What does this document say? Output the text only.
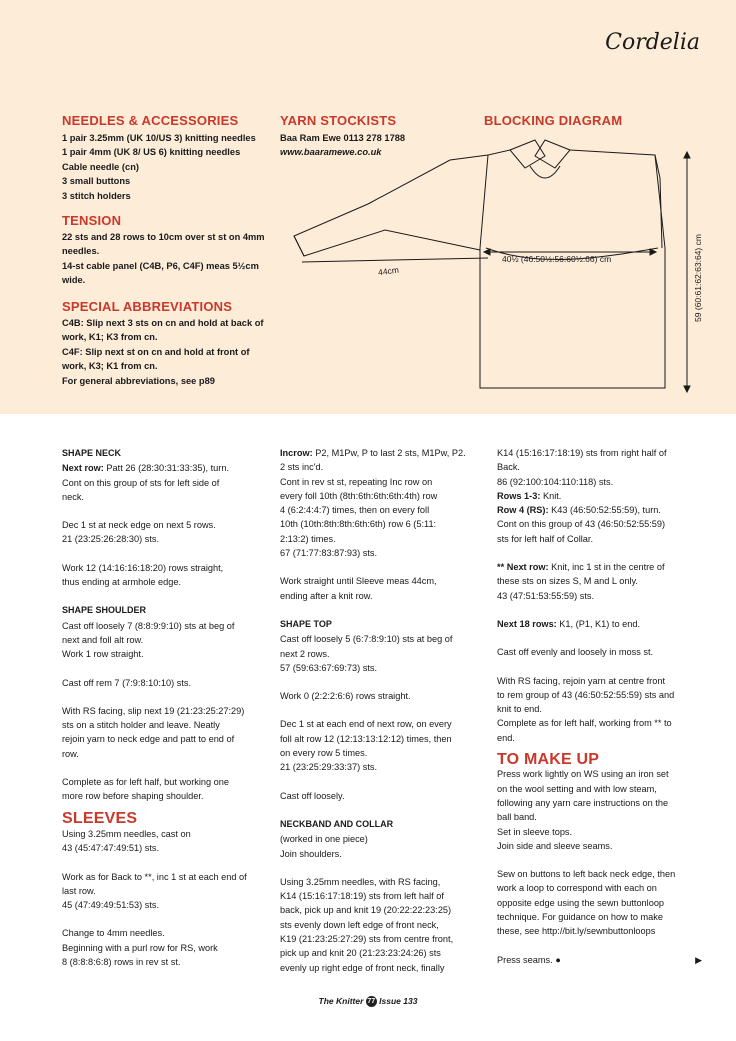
Cordelia
NEEDLES & ACCESSORIES
1 pair 3.25mm (UK 10/US 3) knitting needles
1 pair 4mm (UK 8/ US 6) knitting needles
Cable needle (cn)
3 small buttons
3 stitch holders
TENSION
22 sts and 28 rows to 10cm over st st on 4mm
needles.
14-st cable panel (C4B, P6, C4F) meas 5½cm
wide.
SPECIAL ABBREVIATIONS
C4B: Slip next 3 sts on cn and hold at back of
work, K1; K3 from cn.
C4F: Slip next st on cn and hold at front of
work, K3; K1 from cn.
For general abbreviations, see p89
YARN STOCKISTS
Baa Ram Ewe 0113 278 1788
www.baaramewe.co.uk
BLOCKING DIAGRAM
44cm
40½ (46:50½:56:60½:66) cm	59 (60:61:62:63:64) cm
SHAPE NECK

Next row: Patt 26 (28:30:31:33:35), turn.
Cont on this group of sts for left side of
neck.

Dec 1 st at neck edge on next 5 rows.
21 (23:25:26:28:30) sts.

Work 12 (14:16:16:18:20) rows straight,
thus ending at armhole edge.

SHAPE SHOULDER

Cast off loosely 7 (8:8:9:9:10) sts at beg of
next and foll alt row.
Work 1 row straight.

Cast off rem 7 (7:9:8:10:10) sts.

With RS facing, slip next 19 (21:23:25:27:29)
sts on a stitch holder and leave. Neatly
rejoin yarn to neck edge and patt to end of
row.

Complete as for left half, but working one
more row before shaping shoulder.

SLEEVES

Using 3.25mm needles, cast on
43 (45:47:47:49:51) sts.

Work as for Back to **, inc 1 st at each end of
last row.
45 (47:49:49:51:53) sts.

Change to 4mm needles.
Beginning with a purl row for RS, work
8 (8:8:8:6:8) rows in rev st st.

Incrow: P2, M1Pw, P to last 2 sts, M1Pw, P2.
2 sts inc'd.
Cont in rev st st, repeating Inc row on
every foll 10th (8th:6th:6th:6th:4th) row
4 (6:2:4:4:7) times, then on every foll
10th (10th:8th:8th:6th:6th) row 6 (5:11:
2:13:2) times.
67 (71:77:83:87:93) sts.

Work straight until Sleeve meas 44cm,
ending after a knit row.

SHAPE TOP

Cast off loosely 5 (6:7:8:9:10) sts at beg of
next 2 rows.
57 (59:63:67:69:73) sts.

Work 0 (2:2:2:6:6) rows straight.

Dec 1 st at each end of next row, on every
foll alt row 12 (12:13:13:12:12) times, then
on every row 5 times.
21 (23:25:29:33:37) sts.

Cast off loosely.

NECKBAND AND COLLAR

(worked in one piece)
Join shoulders.

Using 3.25mm needles, with RS facing,
K14 (15:16:17:18:19) sts from left half of
back, pick up and knit 19 (20:22:22:23:25)
sts evenly down left edge of front neck,
K19 (21:23:25:27:29) sts from centre front,
pick up and knit 20 (21:23:23:24:26) sts
evenly up right edge of front neck, finally

K14 (15:16:17:18:19) sts from right half of
Back.
86 (92:100:104:110:118) sts.
Rows 1-3: Knit.
Row 4 (RS): K43 (46:50:52:55:59), turn.
Cont on this group of 43 (46:50:52:55:59)
sts for left half of Collar.

** Next row: Knit, inc 1 st in the centre of
these sts on sizes S, M and L only.
43 (47:51:53:55:59) sts.

Next 18 rows: K1, (P1, K1) to end.

Cast off evenly and loosely in moss st.

With RS facing, rejoin yarn at centre front
to rem group of 43 (46:50:52:55:59) sts and
knit to end.
Complete as for left half, working from ** to
end.

TO MAKE UP

Press work lightly on WS using an iron set
on the wool setting and with low steam,
following any yarn care instructions on the
ball band.
Set in sleeve tops.
Join side and sleeve seams.

Sew on buttons to left back neck edge, then
work a loop to correspond with each on
opposite edge using the sewn buttonloop
technique. For guidance on how to make
these, see http://bit.ly/sewnbuttonloops

Press seams. ●	▶

The Knitter 77 Issue 133
